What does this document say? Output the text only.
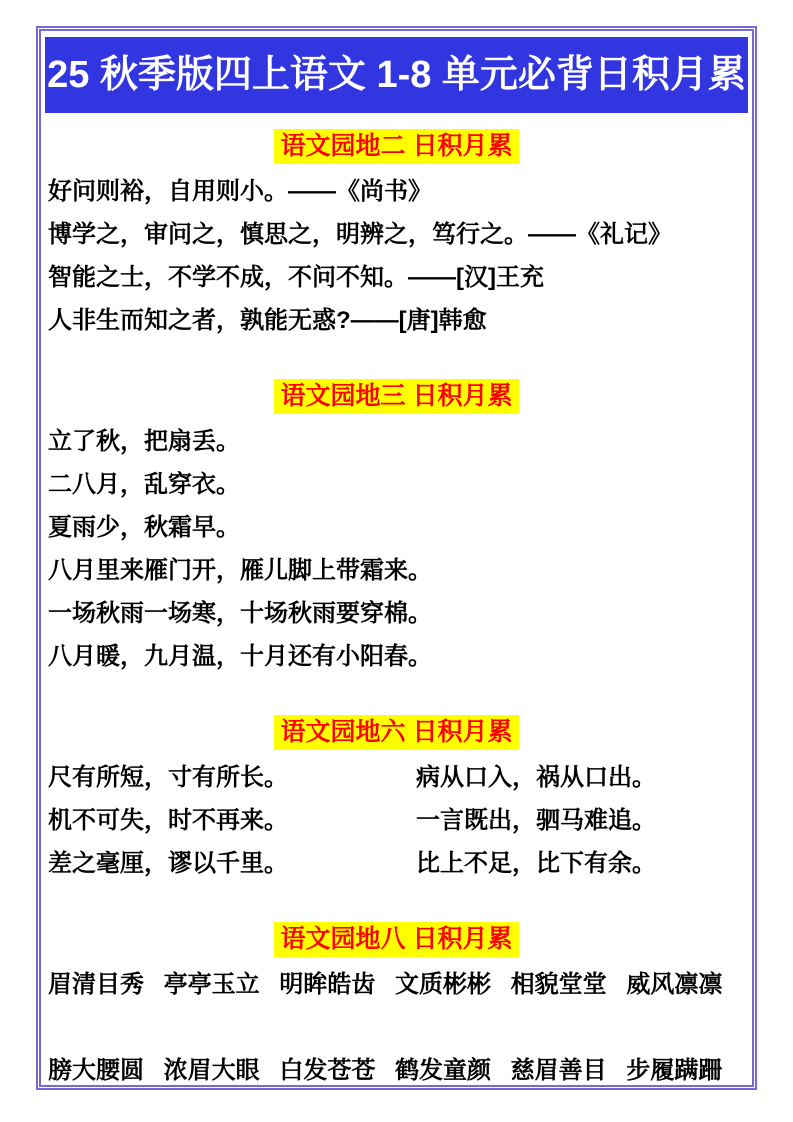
25 秋季版四上语文 1-8 单元必背日积月累
语文园地二 日积月累
好问则裕，自用则小。——《尚书》
博学之，审问之，慎思之，明辨之，笃行之。——《礼记》
智能之士，不学不成，不问不知。——[汉]王充
人非生而知之者，孰能无惑?——[唐]韩愈
语文园地三 日积月累
立了秋，把扇丢。
二八月，乱穿衣。
夏雨少，秋霜早。
八月里来雁门开，雁儿脚上带霜来。
一场秋雨一场寒，十场秋雨要穿棉。
八月暖，九月温，十月还有小阳春。
语文园地六 日积月累
尺有所短，寸有所长。	病从口入，祸从口出。
机不可失，时不再来。	一言既出，驷马难追。
差之毫厘，谬以千里。	比上不足，比下有余。
语文园地八 日积月累
眉清目秀 亭亭玉立 明眸皓齿 文质彬彬 相貌堂堂 威风凛凛
膀大腰圆 浓眉大眼 白发苍苍 鹤发童颜 慈眉善目 步履蹒跚
